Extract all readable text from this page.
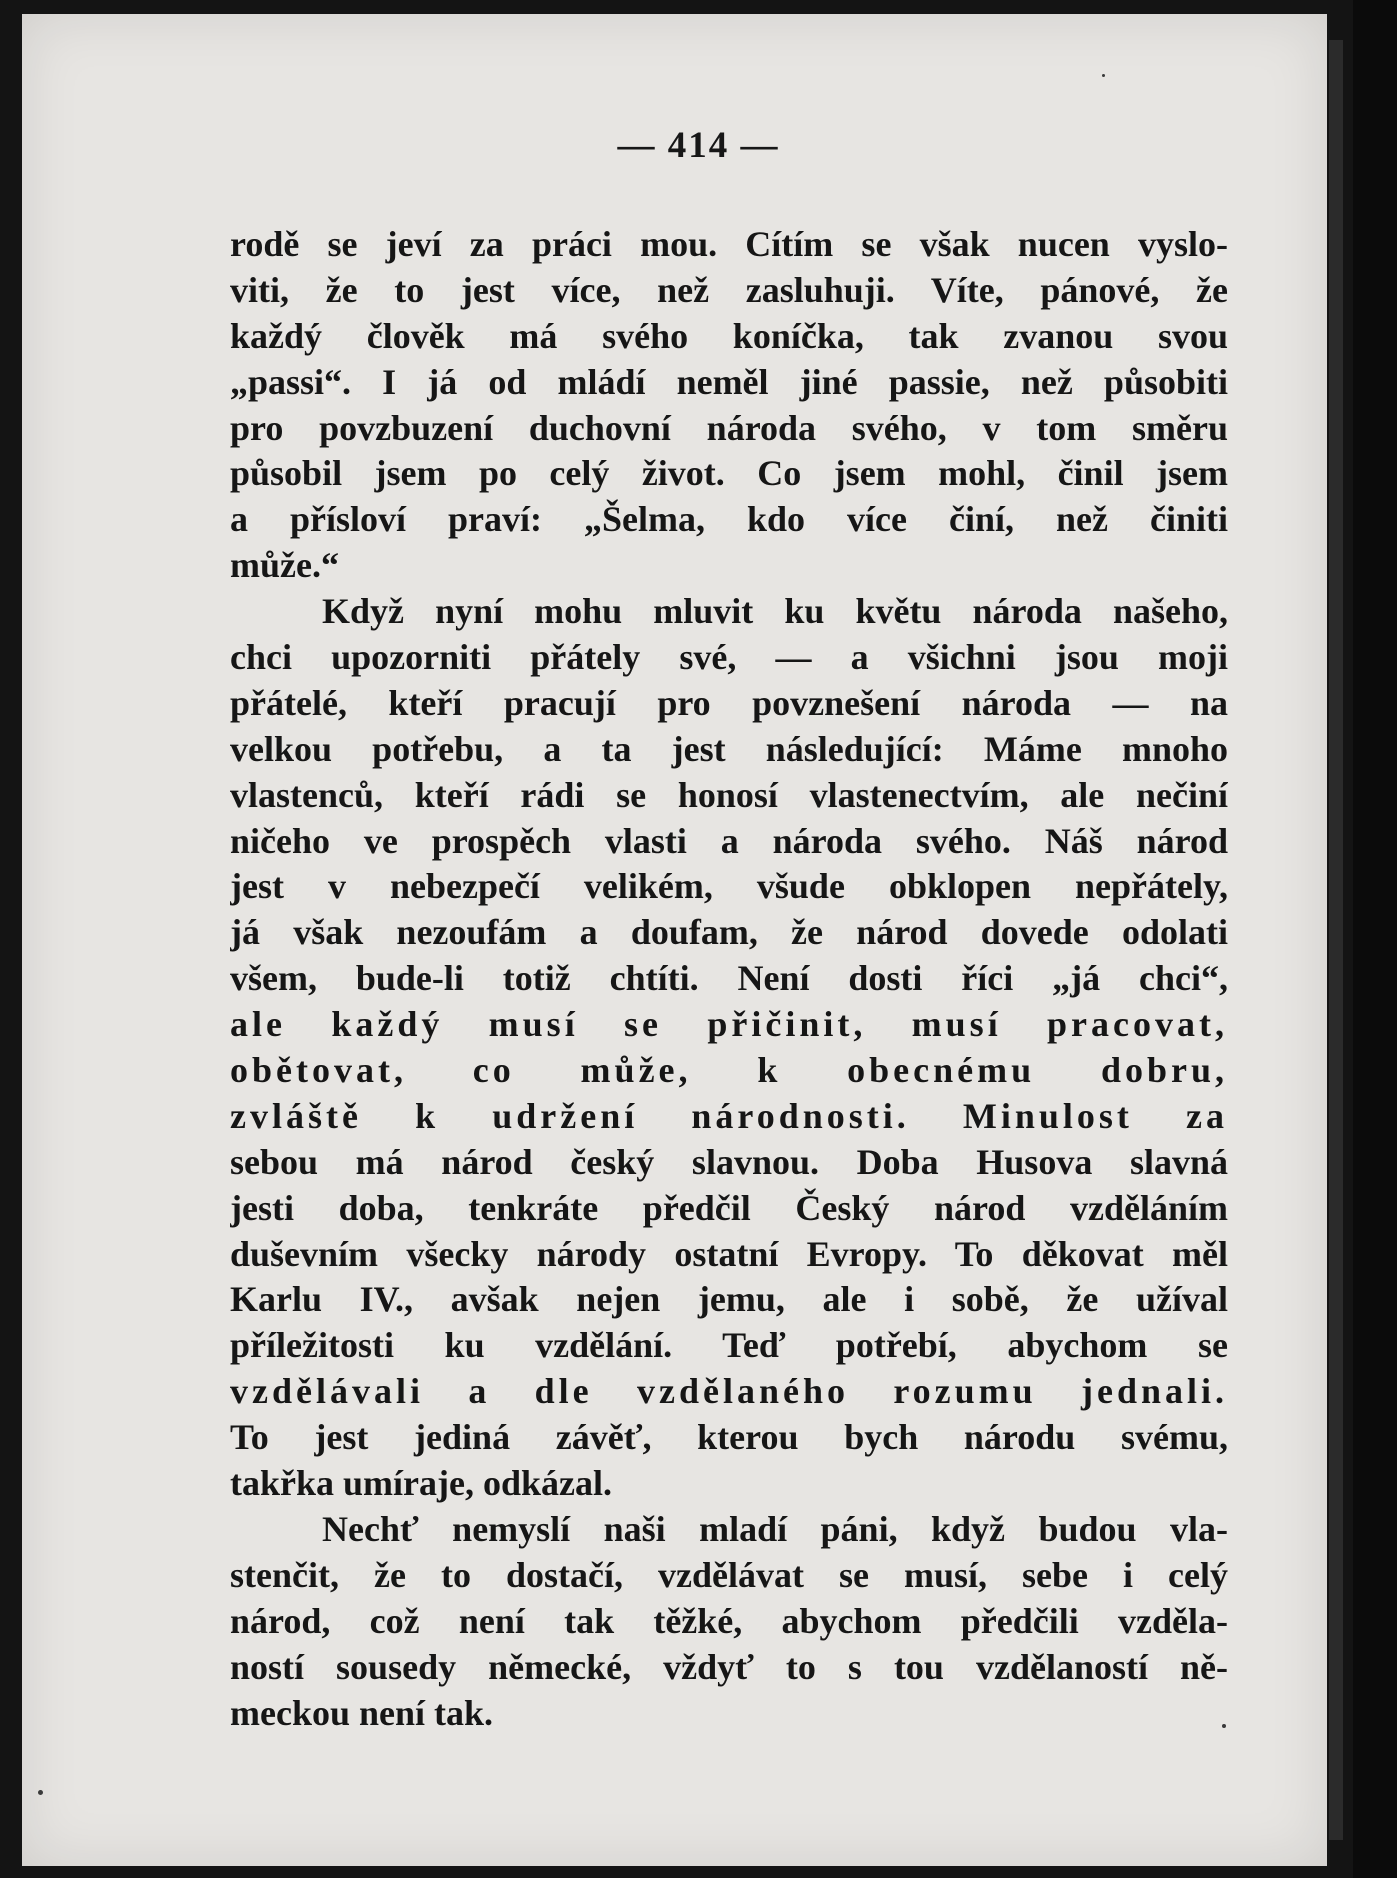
— 414 —
rodě se jeví za práci mou. Cítím se však nucen vyslo-
viti, že to jest více, než zasluhuji. Víte, pánové, že
každý člověk má svého koníčka, tak zvanou svou
„passi“. I já od mládí neměl jiné passie, než působiti
pro povzbuzení duchovní národa svého, v tom směru
působil jsem po celý život. Co jsem mohl, činil jsem
a přísloví praví: „Šelma, kdo více činí, než činiti
může.“
Když nyní mohu mluvit ku květu národa našeho,
chci upozorniti přátely své, — a všichni jsou moji
přátelé, kteří pracují pro povznešení národa — na
velkou potřebu, a ta jest následující: Máme mnoho
vlastenců, kteří rádi se honosí vlastenectvím, ale nečiní
ničeho ve prospěch vlasti a národa svého. Náš národ
jest v nebezpečí velikém, všude obklopen nepřátely,
já však nezoufám a doufam, že národ dovede odolati
všem, bude-li totiž chtíti. Není dosti říci „já chci“,
ale každý musí se přičinit, musí pracovat,
obětovat, co může, k obecnému dobru,
zvláště k udržení národnosti. Minulost za
sebou má národ český slavnou. Doba Husova slavná
jesti doba, tenkráte předčil Český národ vzděláním
duševním všecky národy ostatní Evropy. To děkovat měl
Karlu IV., avšak nejen jemu, ale i sobě, že užíval
příležitosti ku vzdělání. Teď potřebí, abychom se
vzdělávali a dle vzdělaného rozumu jednali.
To jest jediná závěť, kterou bych národu svému,
takřka umíraje, odkázal.
Nechť nemyslí naši mladí páni, když budou vla-
stenčit, že to dostačí, vzdělávat se musí, sebe i celý
národ, což není tak těžké, abychom předčili vzděla-
ností sousedy německé, vždyť to s tou vzdělaností ně-
meckou není tak.
